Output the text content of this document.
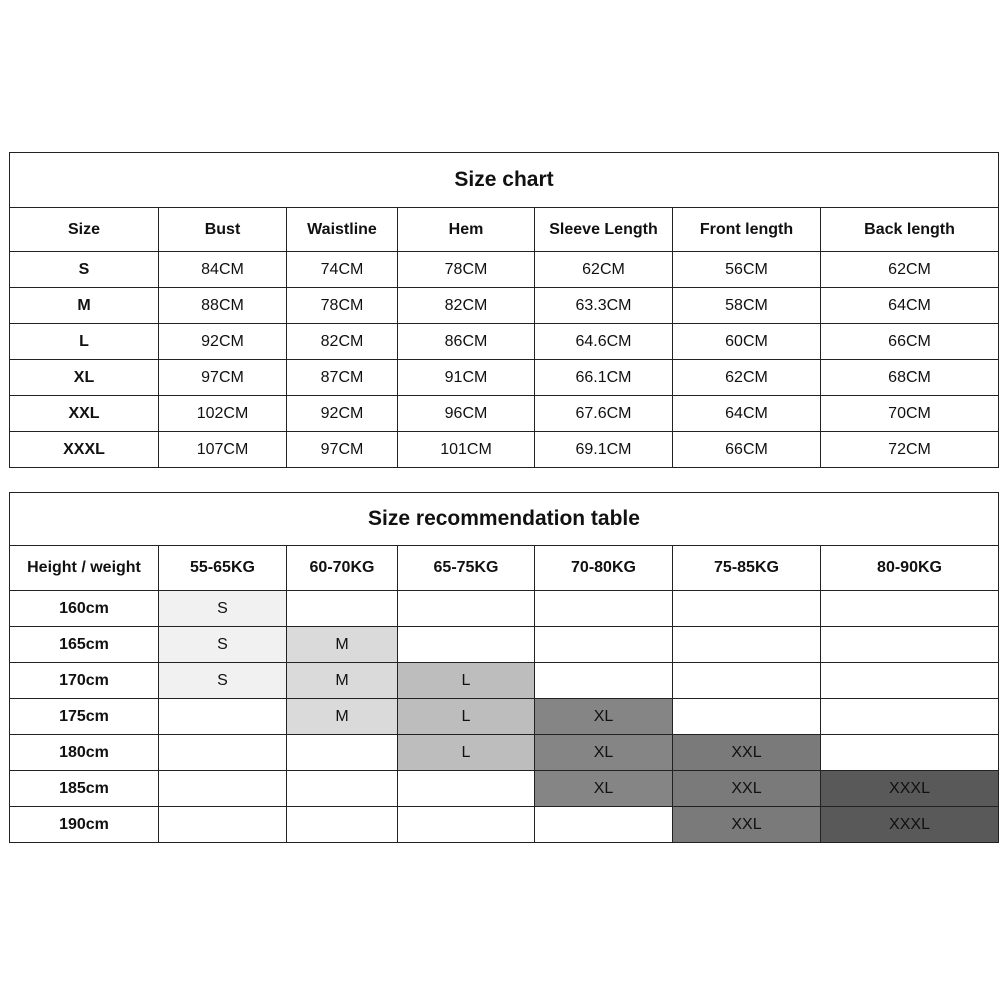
Size chart						
Size	Bust	Waistline	Hem	Sleeve Length	Front length	Back length
S	84CM	74CM	78CM	62CM	56CM	62CM
M	88CM	78CM	82CM	63.3CM	58CM	64CM
L	92CM	82CM	86CM	64.6CM	60CM	66CM
XL	97CM	87CM	91CM	66.1CM	62CM	68CM
XXL	102CM	92CM	96CM	67.6CM	64CM	70CM
XXXL	107CM	97CM	101CM	69.1CM	66CM	72CM
Size recommendation table						
Height / weight	55-65KG	60-70KG	65-75KG	70-80KG	75-85KG	80-90KG
160cm	S					
165cm	S	M				
170cm	S	M	L			
175cm		M	L	XL		
180cm			L	XL	XXL	
185cm				XL	XXL	XXXL
190cm					XXL	XXXL
